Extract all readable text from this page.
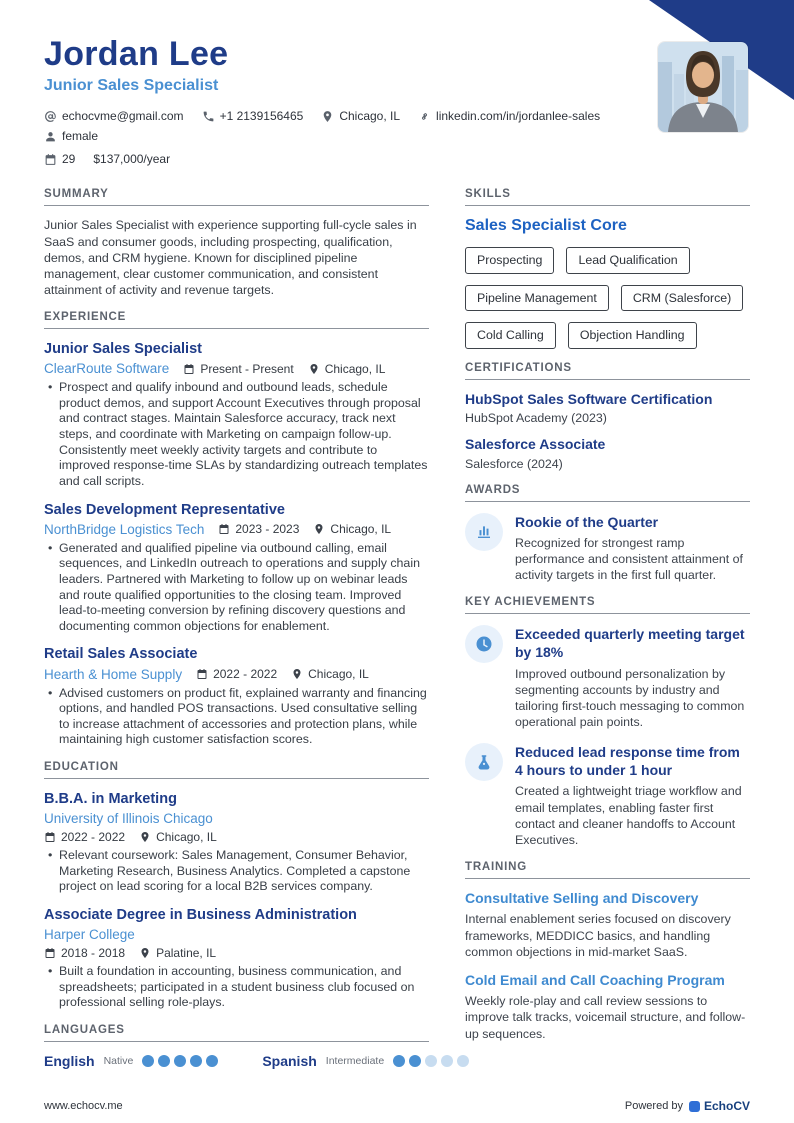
Jordan Lee
Junior Sales Specialist
echocvme@gmail.com	+1 2139156465	Chicago, IL	linkedin.com/in/jordanlee-sales
female
29 $137,000/year
SUMMARY

Junior Sales Specialist with experience supporting full-cycle sales in SaaS and consumer goods, including prospecting, qualification, demos, and CRM hygiene. Known for disciplined pipeline management, clear customer communication, and consistent attainment of activity and revenue targets.

EXPERIENCE
Junior Sales Specialist
ClearRoute Software	Present - Present	Chicago, IL
• Prospect and qualify inbound and outbound leads, schedule product demos, and support Account Executives through proposal and contract stages. Maintain Salesforce accuracy, track next steps, and coordinate with Marketing on campaign follow-up. Consistently meet weekly activity targets and contribute to improved response-time SLAs by standardizing outreach templates and call scripts.
Sales Development Representative
NorthBridge Logistics Tech	2023 - 2023	Chicago, IL
• Generated and qualified pipeline via outbound calling, email sequences, and LinkedIn outreach to operations and supply chain leaders. Partnered with Marketing to follow up on webinar leads and route qualified opportunities to the closing team. Improved lead-to-meeting conversion by refining discovery questions and documenting common objections for enablement.
Retail Sales Associate
Hearth & Home Supply	2022 - 2022	Chicago, IL
• Advised customers on product fit, explained warranty and financing options, and handled POS transactions. Used consultative selling to increase attachment of accessories and protection plans, while maintaining high customer satisfaction scores.
EDUCATION
B.B.A. in Marketing
University of Illinois Chicago
2022 - 2022	Chicago, IL
• Relevant coursework: Sales Management, Consumer Behavior, Marketing Research, Business Analytics. Completed a capstone project on lead scoring for a local B2B services company.
Associate Degree in Business Administration
Harper College
2018 - 2018	Palatine, IL
• Built a foundation in accounting, business communication, and spreadsheets; participated in a student business club focused on professional selling role-plays.
LANGUAGES
English Native	Spanish Intermediate
SKILLS
Sales Specialist Core
Prospecting	Lead Qualification
Pipeline Management	CRM (Salesforce)
Cold Calling	Objection Handling
CERTIFICATIONS
HubSpot Sales Software Certification
HubSpot Academy (2023)
Salesforce Associate
Salesforce (2024)
AWARDS
Rookie of the Quarter
Recognized for strongest ramp performance and consistent attainment of activity targets in the first full quarter.
KEY ACHIEVEMENTS
Exceeded quarterly meeting target by 18%
Improved outbound personalization by segmenting accounts by industry and tailoring first-touch messaging to common operational pain points.
Reduced lead response time from 4 hours to under 1 hour
Created a lightweight triage workflow and email templates, enabling faster first contact and cleaner handoffs to Account Executives.
TRAINING
Consultative Selling and Discovery
Internal enablement series focused on discovery frameworks, MEDDICC basics, and handling common objections in mid-market SaaS.
Cold Email and Call Coaching Program
Weekly role-play and call review sessions to improve talk tracks, voicemail structure, and follow-up sequences.
www.echocv.me	Powered by EchoCV
